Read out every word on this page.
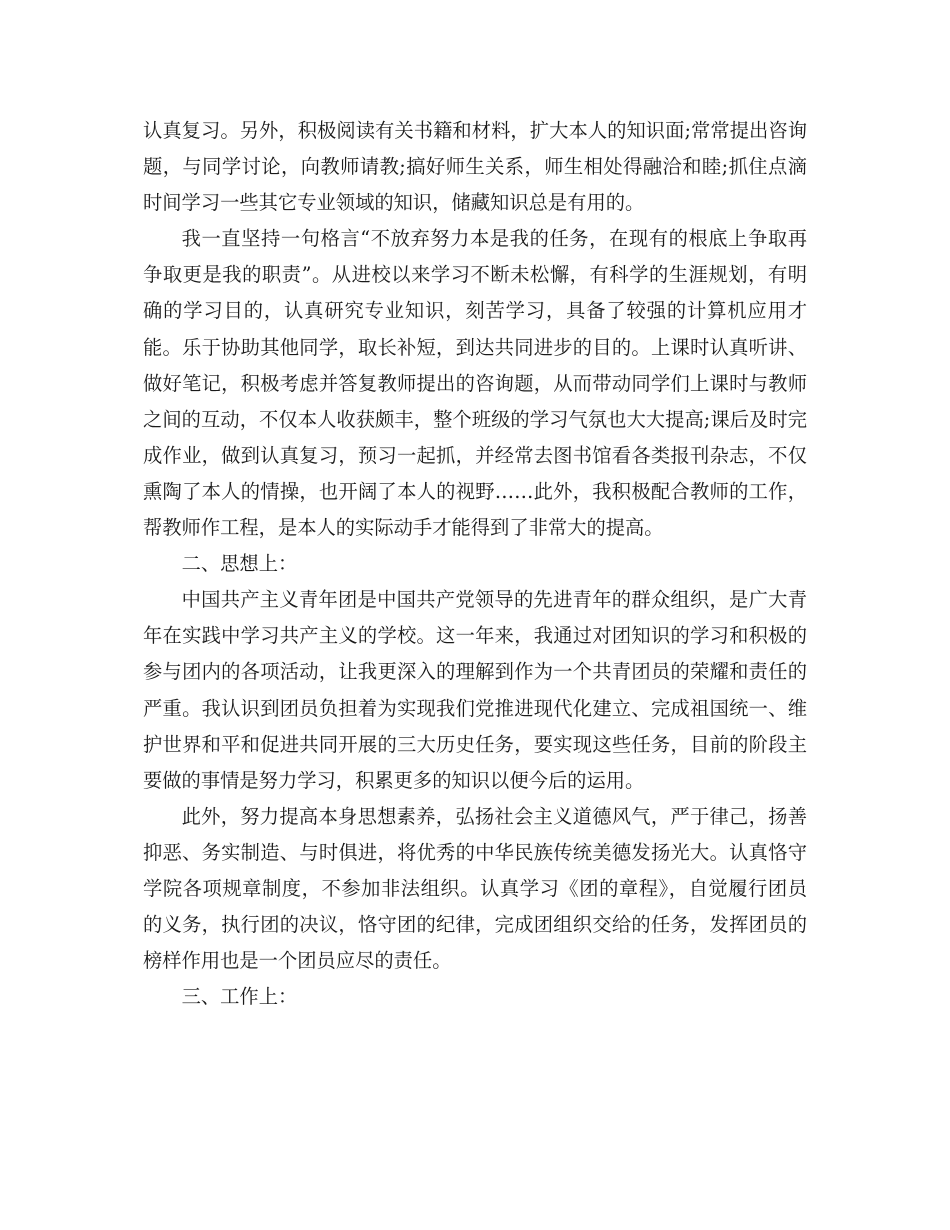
认真复习。另外，积极阅读有关书籍和材料，扩大本人的知识面;常常提出咨询题，与同学讨论，向教师请教;搞好师生关系，师生相处得融洽和睦;抓住点滴时间学习一些其它专业领域的知识，储藏知识总是有用的。

我一直坚持一句格言“不放弃努力本是我的任务，在现有的根底上争取再争取更是我的职责”。从进校以来学习不断未松懈，有科学的生涯规划，有明确的学习目的，认真研究专业知识，刻苦学习，具备了较强的计算机应用才能。乐于协助其他同学，取长补短，到达共同进步的目的。上课时认真听讲、做好笔记，积极考虑并答复教师提出的咨询题，从而带动同学们上课时与教师之间的互动，不仅本人收获颇丰，整个班级的学习气氛也大大提高;课后及时完成作业，做到认真复习，预习一起抓，并经常去图书馆看各类报刊杂志，不仅熏陶了本人的情操，也开阔了本人的视野……此外，我积极配合教师的工作，帮教师作工程，是本人的实际动手才能得到了非常大的提高。

二、思想上：

中国共产主义青年团是中国共产党领导的先进青年的群众组织，是广大青年在实践中学习共产主义的学校。这一年来，我通过对团知识的学习和积极的参与团内的各项活动，让我更深入的理解到作为一个共青团员的荣耀和责任的严重。我认识到团员负担着为实现我们党推进现代化建立、完成祖国统一、维护世界和平和促进共同开展的三大历史任务，要实现这些任务，目前的阶段主要做的事情是努力学习，积累更多的知识以便今后的运用。

此外，努力提高本身思想素养，弘扬社会主义道德风气，严于律己，扬善抑恶、务实制造、与时俱进，将优秀的中华民族传统美德发扬光大。认真恪守学院各项规章制度，不参加非法组织。认真学习《团的章程》，自觉履行团员的义务，执行团的决议，恪守团的纪律，完成团组织交给的任务，发挥团员的榜样作用也是一个团员应尽的责任。

三、工作上：
